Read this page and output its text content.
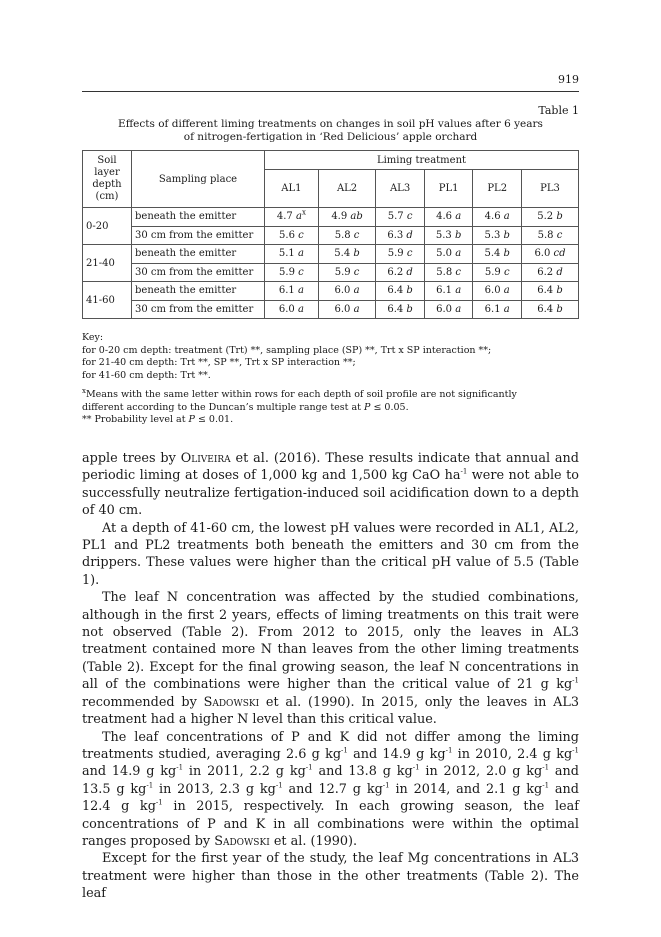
919
Table 1
Effects of different liming treatments on changes in soil pH values after 6 years
of nitrogen-fertigation in ‘Red Delicious’ apple orchard
Soil
layer
depth
(cm)	Sampling place	Liming treatment					
		AL1	AL2	AL3	PL1	PL2	PL3
0-20	beneath the emitter	4.7 $a^x$	4.9 ab	5.7 c	4.6 a	4.6 a	5.2 b
	30 cm from the emitter	5.6 c	5.8 c	6.3 d	5.3 b	5.3 b	5.8 c
21-40	beneath the emitter	5.1 a	5.4 b	5.9 c	5.0 a	5.4 b	6.0 cd
	30 cm from the emitter	5.9 c	5.9 c	6.2 d	5.8 c	5.9 c	6.2 d
41-60	beneath the emitter	6.1 a	6.0 a	6.4 b	6.1 a	6.0 a	6.4 b
	30 cm from the emitter	6.0 a	6.0 a	6.4 b	6.0 a	6.1 a	6.4 b

Key:

for 0-20 cm depth: treatment (Trt) **, sampling place (SP) **, Trt x SP interaction **;

for 21-40 cm depth: Trt **, SP **, Trt x SP interaction **;

for 41-60 cm depth: Trt **.

$^x$Means with the same letter within rows for each depth of soil profile are not significantly

different according to the Duncan’s multiple range test at P ≤ 0.05.

** Probability level at P ≤ 0.01.

apple trees by Oliveira et al. (2016). These results indicate that annual and periodic liming at doses of 1,000 kg and 1,500 kg CaO $ha^{-1}$ were not able to successfully neutralize fertigation-induced soil acidification down to a depth of 40 cm.

At a depth of 41-60 cm, the lowest pH values were recorded in AL1, AL2, PL1 and PL2 treatments both beneath the emitters and 30 cm from the drippers. These values were higher than the critical pH value of 5.5 (Table 1).

The leaf N concentration was affected by the studied combinations, although in the first 2 years, effects of liming treatments on this trait were not observed (Table 2). From 2012 to 2015, only the leaves in AL3 treatment contained more N than leaves from the other liming treatments (Table 2). Except for the final growing season, the leaf N concentrations in all of the combinations were higher than the critical value of 21 g $kg^{-1}$ recommended by Sadowski et al. (1990). In 2015, only the leaves in AL3 treatment had a higher N level than this critical value.

The leaf concentrations of P and K did not differ among the liming treatments studied, averaging 2.6 g $kg^{-1}$ and 14.9 g $kg^{-1}$ in 2010, 2.4 g $kg^{-1}$ and 14.9 g $kg^{-1}$ in 2011, 2.2 g $kg^{-1}$ and 13.8 g $kg^{-1}$ in 2012, 2.0 g $kg^{-1}$ and 13.5 g $kg^{-1}$ in 2013, 2.3 g $kg^{-1}$ and 12.7 g $kg^{-1}$ in 2014, and 2.1 g $kg^{-1}$ and 12.4 g $kg^{-1}$ in 2015, respectively. In each growing season, the leaf concentrations of P and K in all combinations were within the optimal ranges proposed by Sadowski et al. (1990).

Except for the first year of the study, the leaf Mg concentrations in AL3 treatment were higher than those in the other treatments (Table 2). The leaf
